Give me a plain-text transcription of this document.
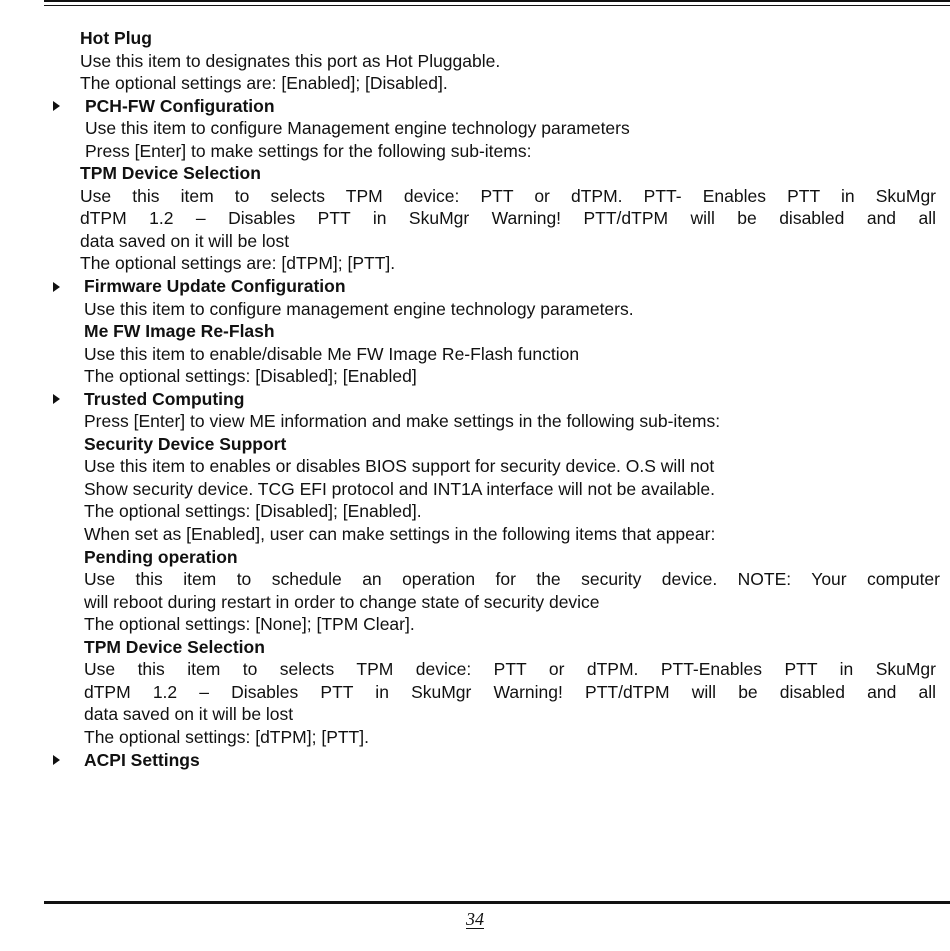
Hot Plug
Use this item to designates this port as Hot Pluggable.
The optional settings are: [Enabled]; [Disabled].
PCH-FW Configuration
Use this item to configure Management engine technology parameters
Press [Enter] to make settings for the following sub-items:
TPM Device Selection
Use this item to selects TPM device: PTT or dTPM. PTT- Enables PTT in SkuMgr
dTPM 1.2 – Disables PTT in SkuMgr Warning! PTT/dTPM will be disabled and all
data saved on it will be lost
The optional settings are: [dTPM]; [PTT].
Firmware Update Configuration
Use this item to configure management engine technology parameters.
Me FW Image Re-Flash
Use this item to enable/disable Me FW Image Re-Flash function
The optional settings: [Disabled]; [Enabled]
Trusted Computing
Press [Enter] to view ME information and make settings in the following sub-items:
Security Device Support
Use this item to enables or disables BIOS support for security device. O.S will not
Show security device. TCG EFI protocol and INT1A interface will not be available.
The optional settings: [Disabled]; [Enabled].
When set as [Enabled], user can make settings in the following items that appear:
Pending operation
Use this item to schedule an operation for the security device. NOTE: Your computer
will reboot during restart in order to change state of security device
The optional settings: [None]; [TPM Clear].
TPM Device Selection
Use this item to selects TPM device: PTT or dTPM. PTT-Enables PTT in SkuMgr
dTPM 1.2 – Disables PTT in SkuMgr Warning! PTT/dTPM will be disabled and all
data saved on it will be lost
The optional settings: [dTPM]; [PTT].
ACPI Settings
34
